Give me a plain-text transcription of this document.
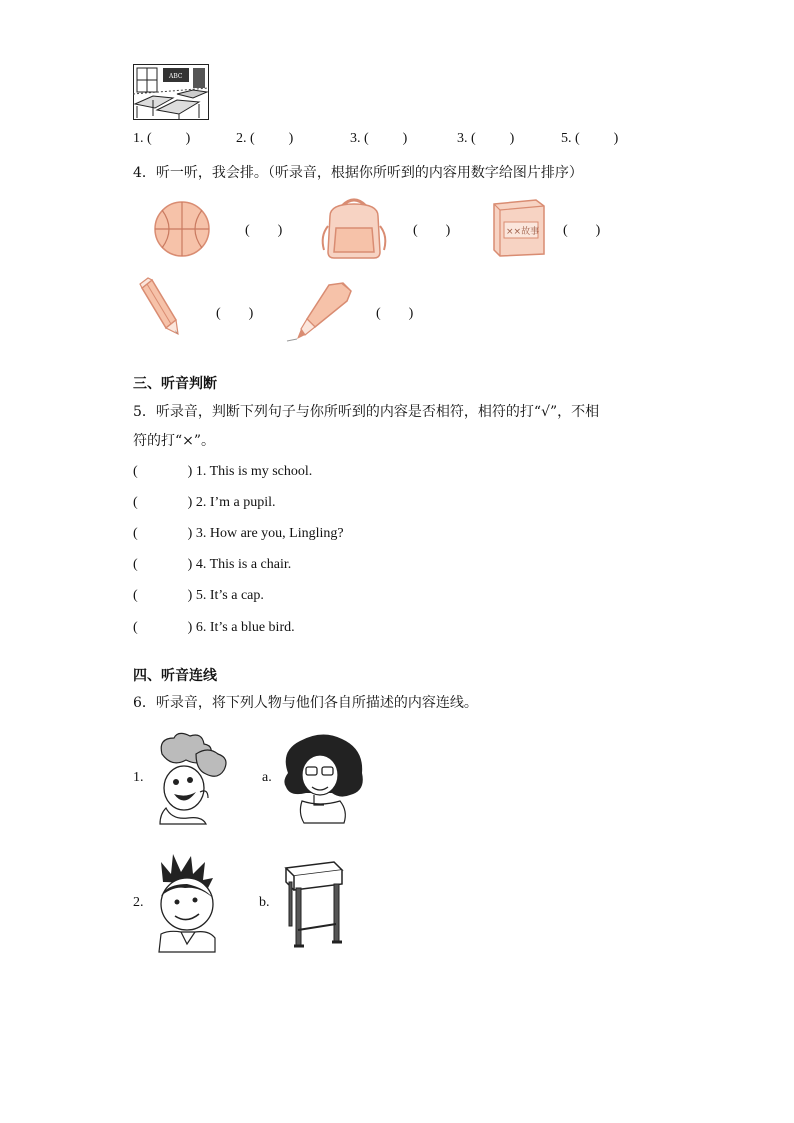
ABC
1. ( )	2. ( )	3. ( )	3. ( )	5. ( )
4．听一听，我会排。（听录音，根据你所听到的内容用数字给图片排序）
(　　)	(　　)	××故事 (　　)
(　　)	(　　)
三、听音判断
5．听录音，判断下列句子与你所听到的内容是否相符，相符的打“√”，不相
符的打“×”。
(	) 1. This is my school.
(	) 2. I’m a pupil.
(	) 3. How are you, Lingling?
(	) 4. This is a chair.
(	) 5. It’s a cap.
(	) 6. It’s a blue bird.
四、听音连线
6．听录音，将下列人物与他们各自所描述的内容连线。
1.	a.
2.	b.
